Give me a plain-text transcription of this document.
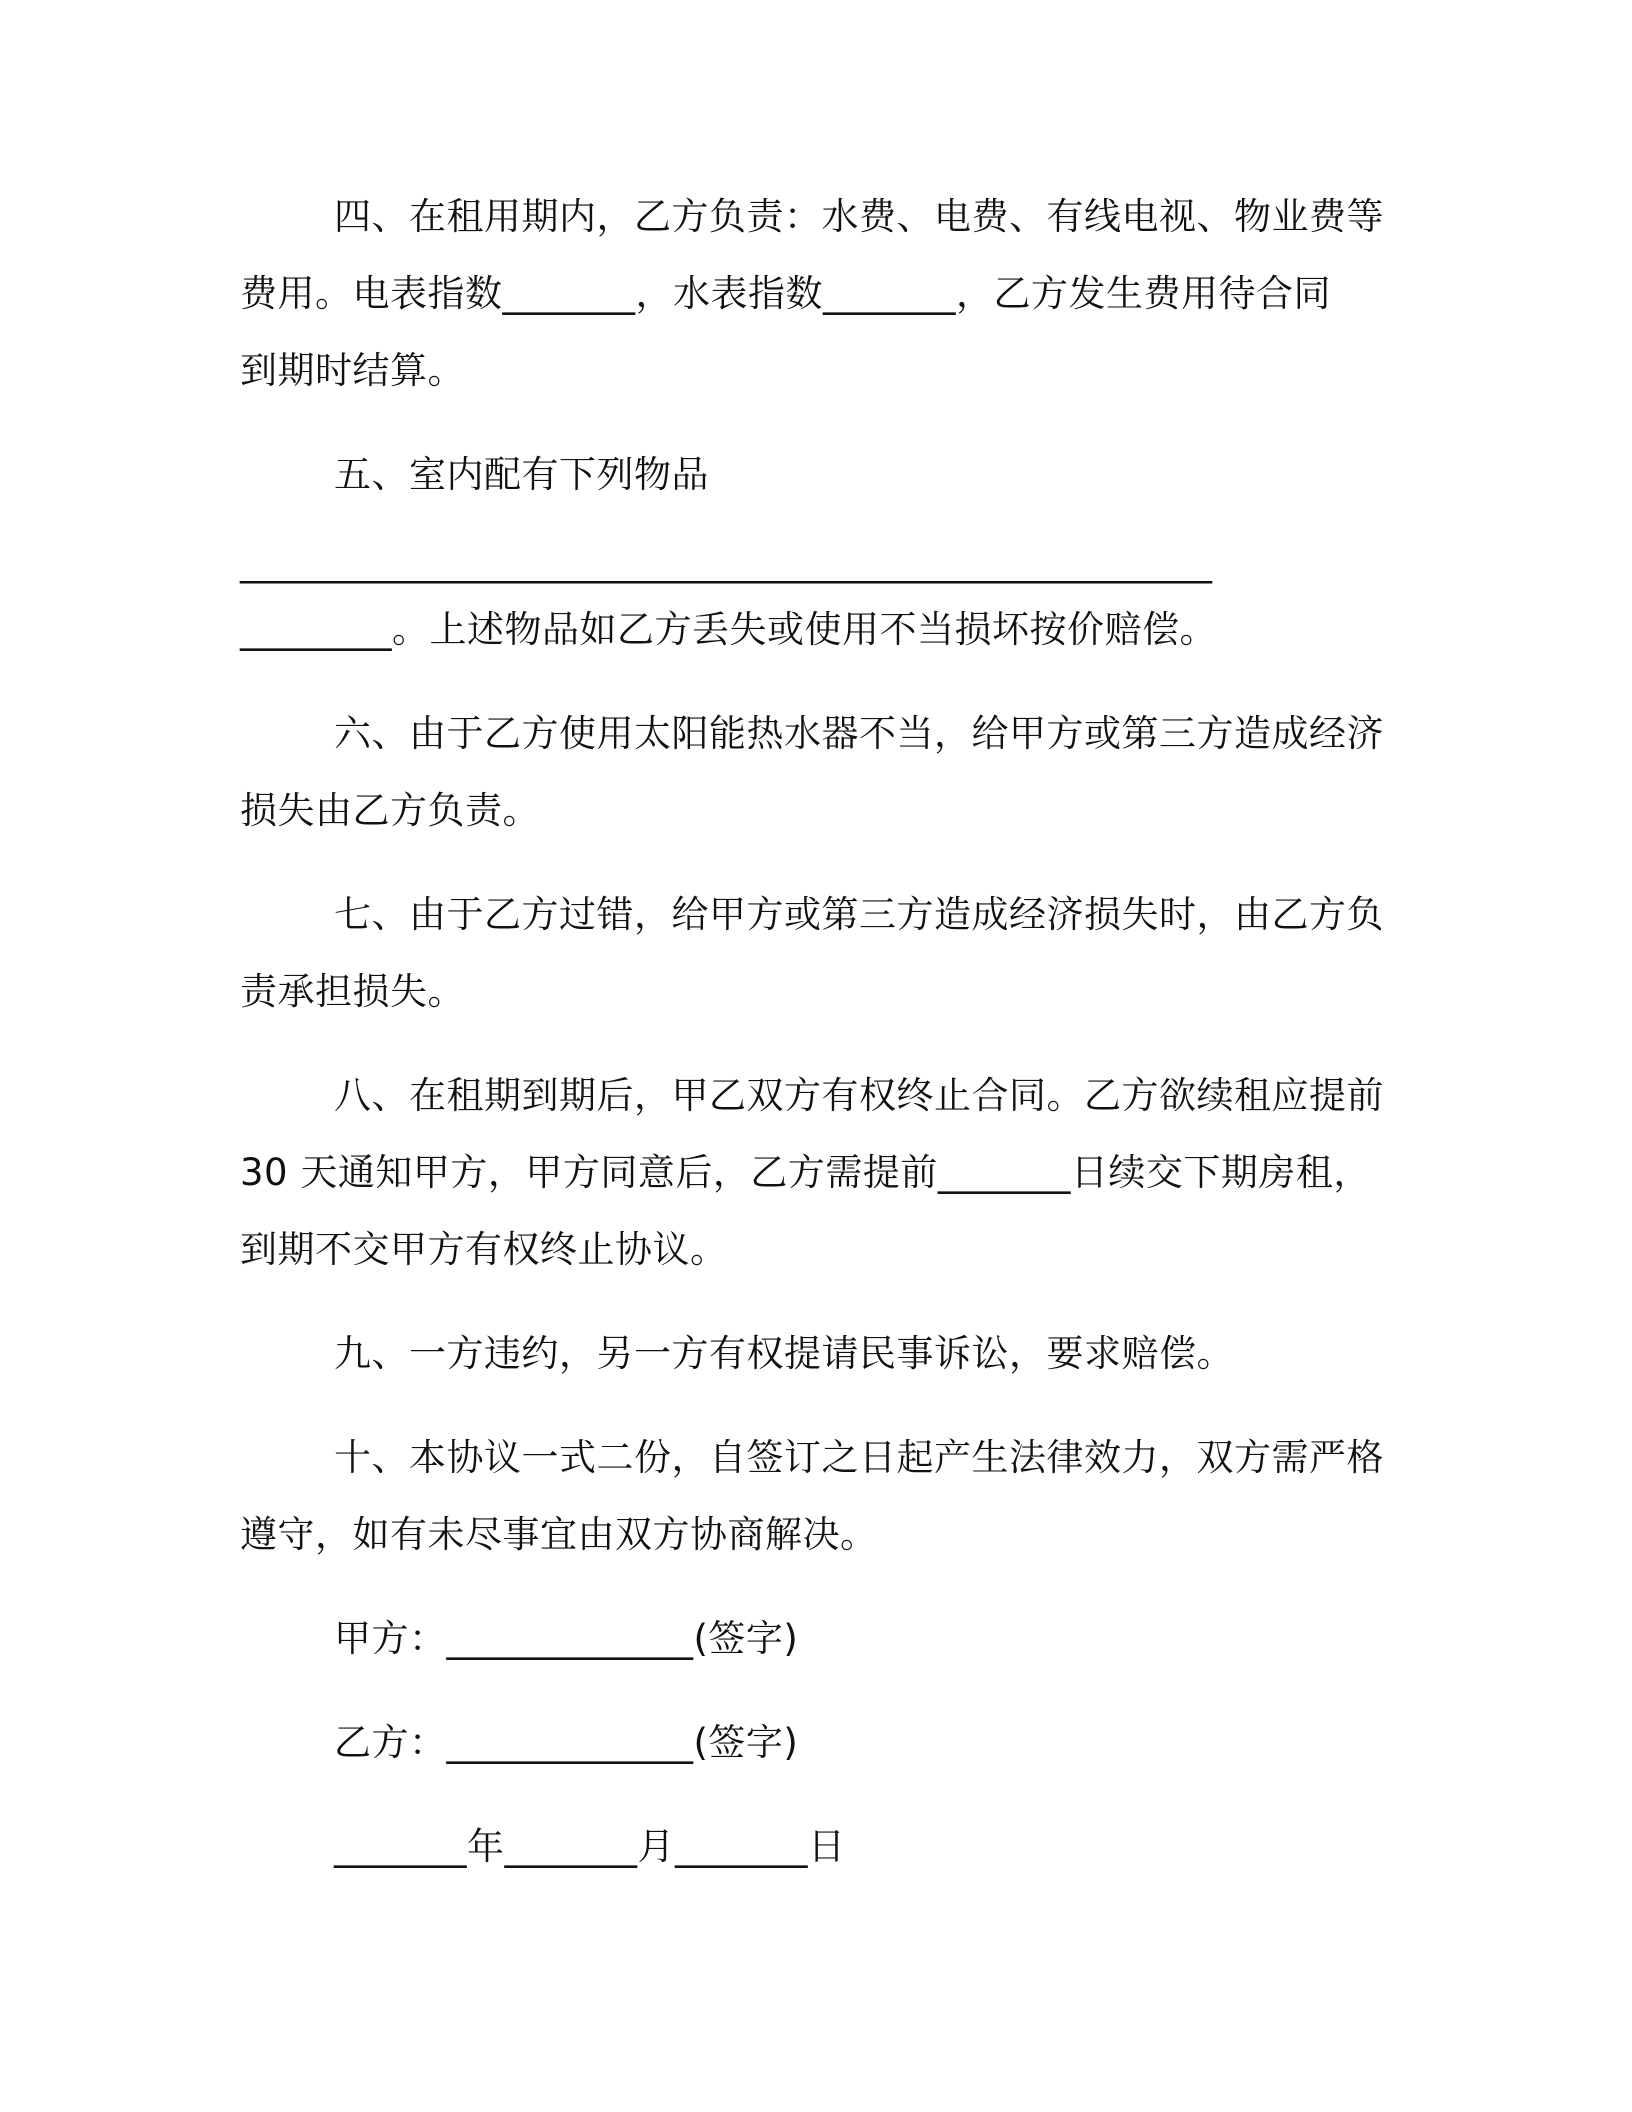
四、在租用期内，乙方负责：水费、电费、有线电视、物业费等
费用。电表指数_______，水表指数_______，乙方发生费用待合同
到期时结算。
五、室内配有下列物品
______________________________________________________
________。上述物品如乙方丢失或使用不当损坏按价赔偿。
六、由于乙方使用太阳能热水器不当，给甲方或第三方造成经济
损失由乙方负责。
七、由于乙方过错，给甲方或第三方造成经济损失时，由乙方负
责承担损失。
八、在租期到期后，甲乙双方有权终止合同。乙方欲续租应提前
30 天通知甲方，甲方同意后，乙方需提前_______日续交下期房租，
到期不交甲方有权终止协议。
九、一方违约，另一方有权提请民事诉讼，要求赔偿。
十、本协议一式二份，自签订之日起产生法律效力，双方需严格
遵守，如有未尽事宜由双方协商解决。
甲方：_____________(签字)
乙方：_____________(签字)
_______年_______月_______日
